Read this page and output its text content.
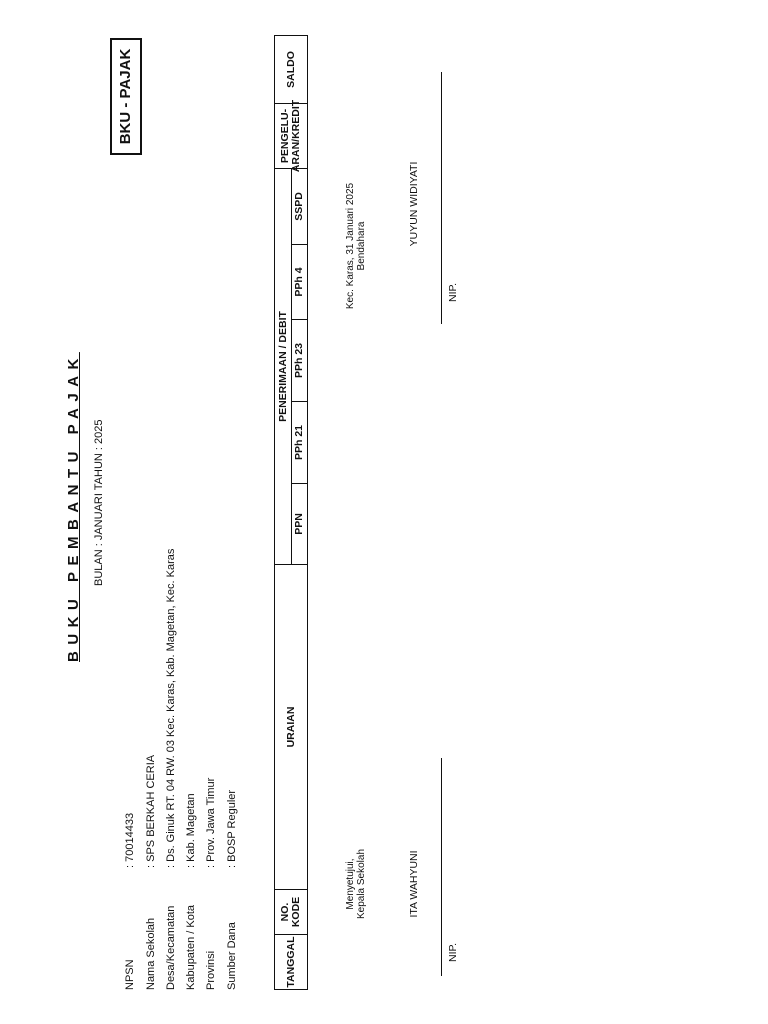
BUKU PEMBANTU PAJAK BULAN : JANUARI TAHUN : 2025
BKU - PAJAK
NPSN
: 70014433
Nama Sekolah
: SPS BERKAH CERIA
Desa/Kecamatan
: Ds. Ginuk RT. 04 RW. 03 Kec. Karas, Kab. Magetan, Kec. Karas
Kabupaten / Kota
: Kab. Magetan
Provinsi
: Prov. Jawa Timur
Sumber Dana
: BOSP Reguler
TANGGAL
NO. KODE
URAIAN
PENERIMAAN / DEBIT
PPN
PPh 21
PPh 23
PPh 4
SSPD
PENGELU- ARAN/KREDIT
SALDO
Menyetujui, Kepala Sekolah	ITA WAHYUNI
NIP.
Kec. Karas, 31 Januari 2025 Bendahara	YUYUN WIDIYATI
NIP.
